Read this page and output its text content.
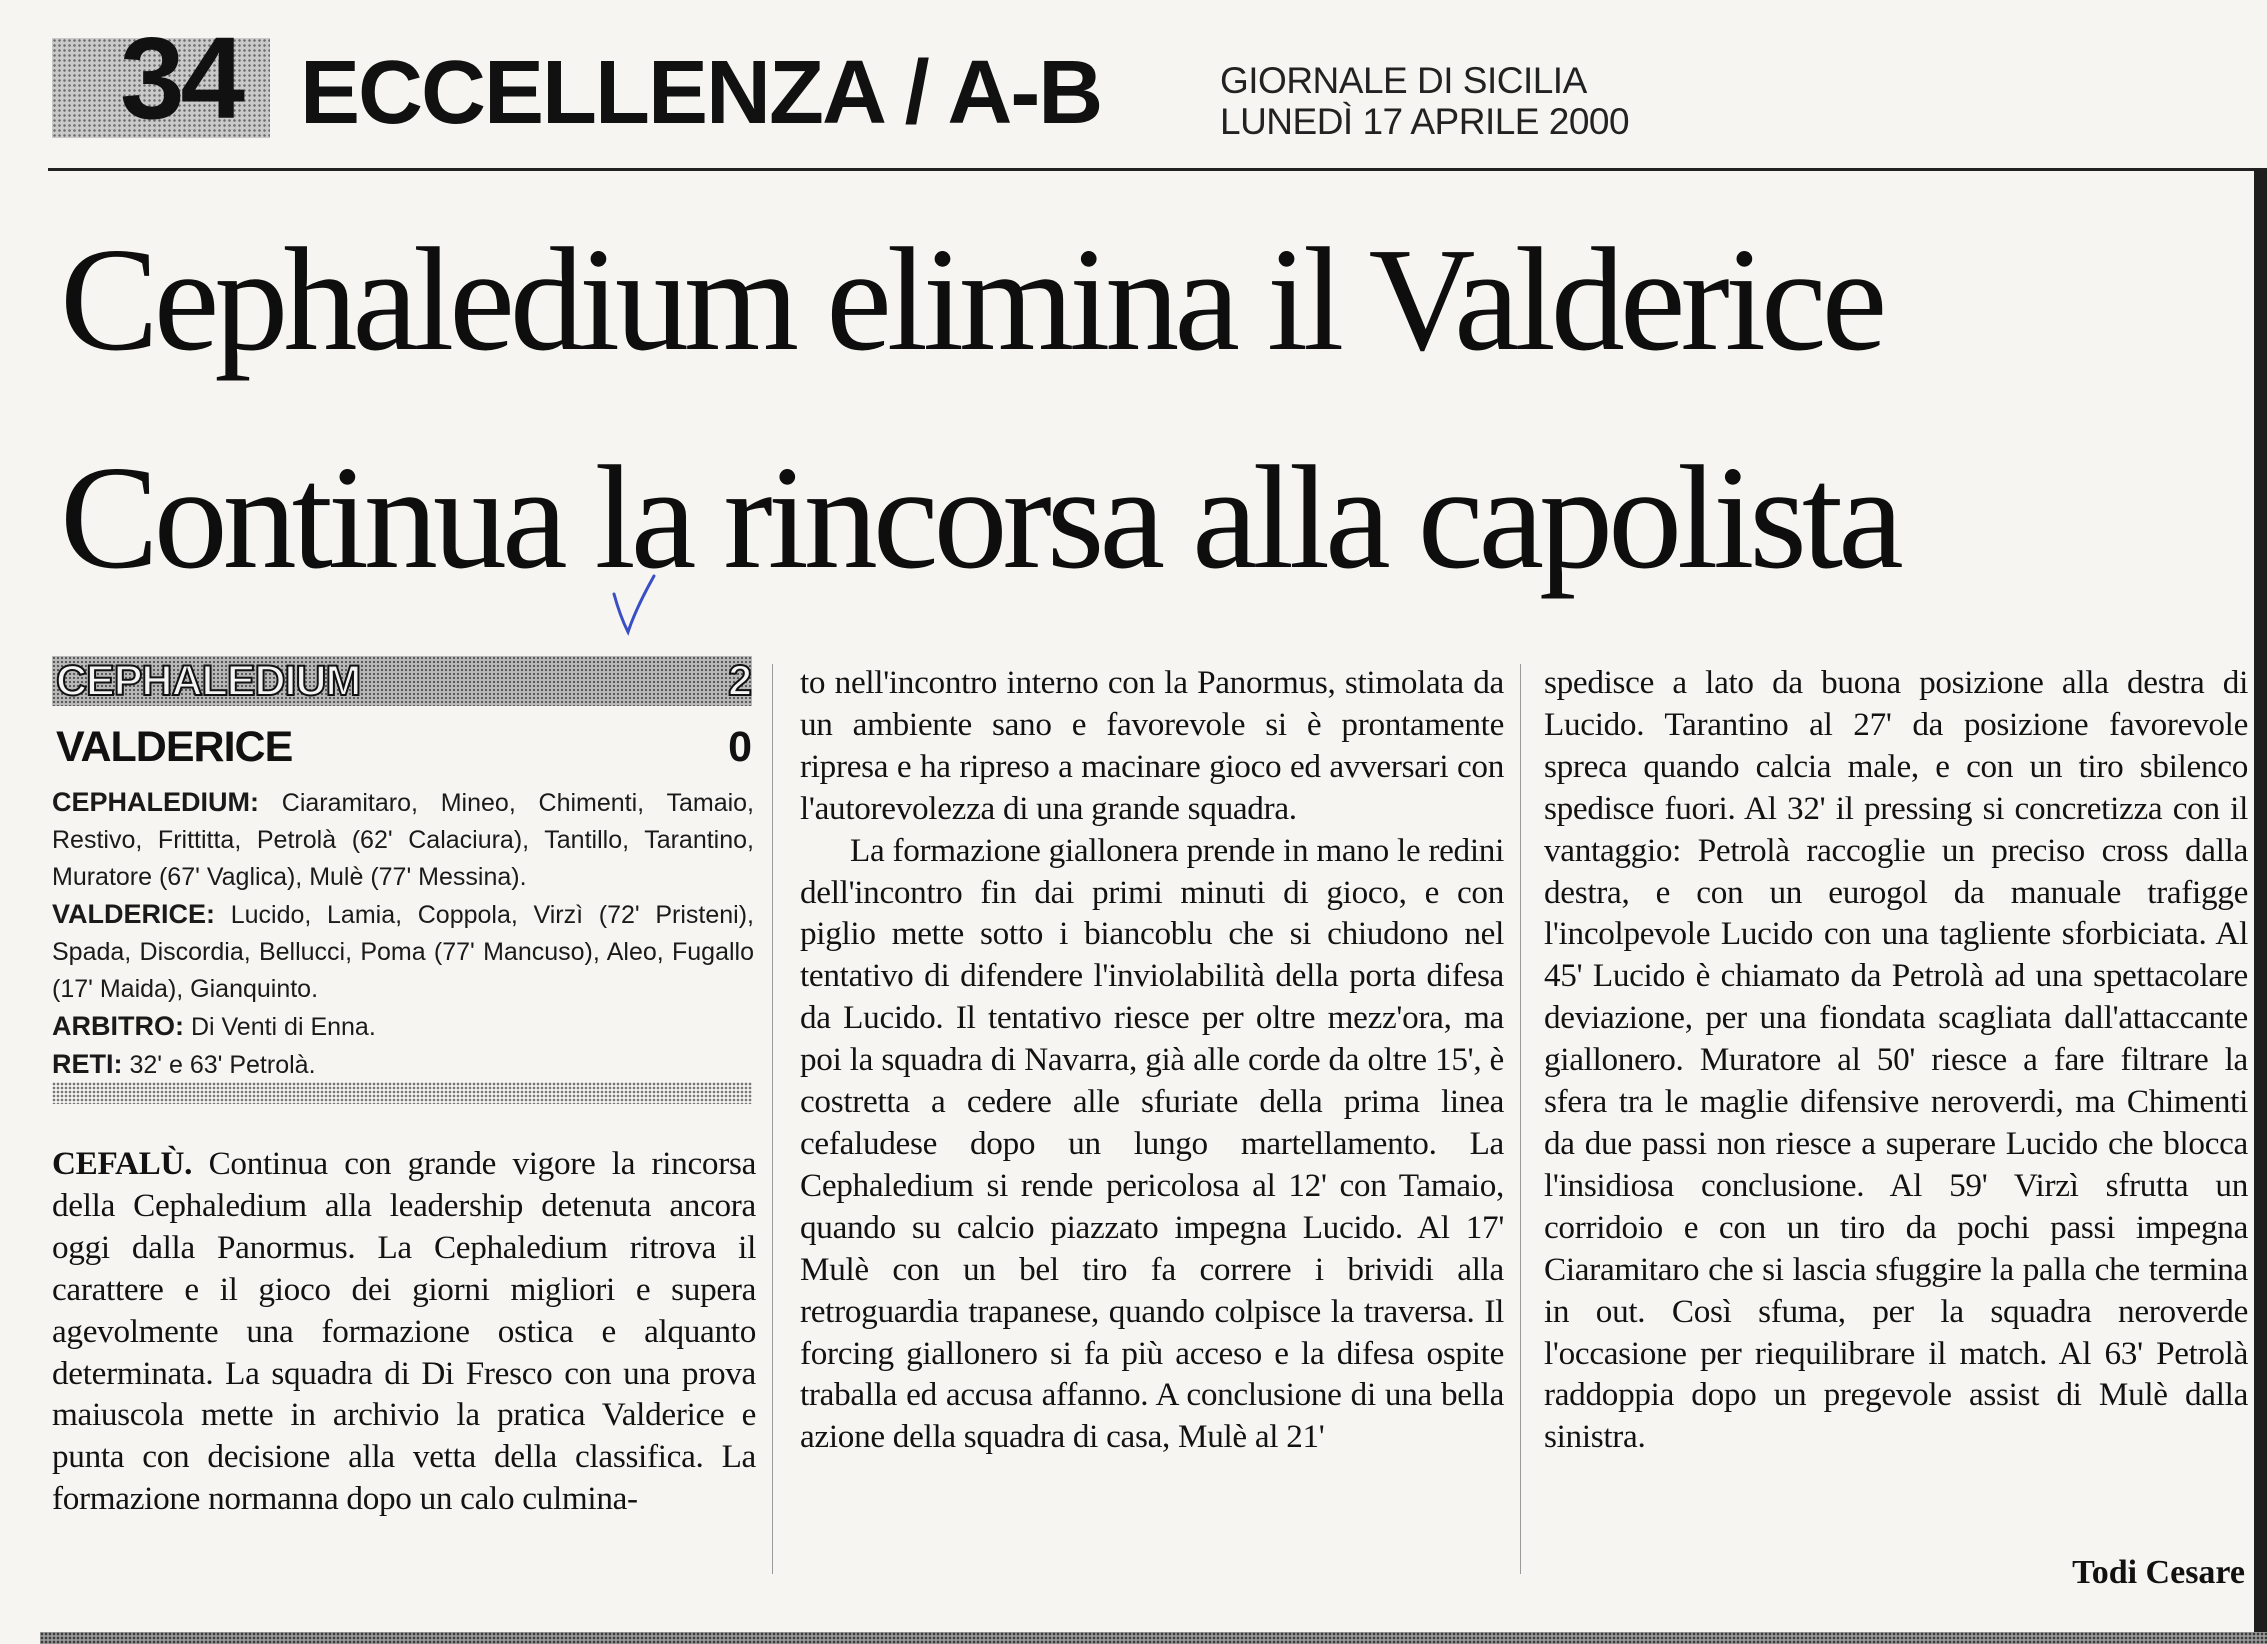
34 ECCELLENZA / A-B	GIORNALE DI SICILIA
LUNEDÌ 17 APRILE 2000
Cephaledium elimina il Valderice
Continua la rincorsa alla capolista
CEPHALEDIUM	2
VALDERICE	0

CEPHALEDIUM: Ciaramitaro, Mineo, Chimenti, Tamaio, Restivo, Frittitta, Petrolà (62' Calaciura), Tantillo, Tarantino, Muratore (67' Vaglica), Mulè (77' Messina).

VALDERICE: Lucido, Lamia, Coppola, Virzì (72' Pristeni), Spada, Discordia, Bellucci, Poma (77' Mancuso), Aleo, Fugallo (17' Maida), Gianquinto.

ARBITRO: Di Venti di Enna.

RETI: 32' e 63' Petrolà.

CEFALÙ. Continua con grande vigore la rincorsa della Cephaledium alla leadership detenuta ancora oggi dalla Panormus. La Cephaledium ritrova il carattere e il gioco dei giorni migliori e supera agevolmente una formazione ostica e alquanto determinata. La squadra di Di Fresco con una prova maiuscola mette in archivio la pratica Valderice e punta con decisione alla vetta della classifica. La formazione normanna dopo un calo culmina-

to nell'incontro interno con la Panormus, stimolata da un ambiente sano e favorevole si è prontamente ripresa e ha ripreso a macinare gioco ed avversari con l'autorevolezza di una grande squadra.

La formazione giallonera prende in mano le redini dell'incontro fin dai primi minuti di gioco, e con piglio mette sotto i biancoblu che si chiudono nel tentativo di difendere l'inviolabilità della porta difesa da Lucido. Il tentativo riesce per oltre mezz'ora, ma poi la squadra di Navarra, già alle corde da oltre 15', è costretta a cedere alle sfuriate della prima linea cefaludese dopo un lungo martellamento. La Cephaledium si rende pericolosa al 12' con Tamaio, quando su calcio piazzato impegna Lucido. Al 17' Mulè con un bel tiro fa correre i brividi alla retroguardia trapanese, quando colpisce la traversa. Il forcing giallonero si fa più acceso e la difesa ospite traballa ed accusa affanno. A conclusione di una bella azione della squadra di casa, Mulè al 21'

spedisce a lato da buona posizione alla destra di Lucido. Tarantino al 27' da posizione favorevole spreca quando calcia male, e con un tiro sbilenco spedisce fuori. Al 32' il pressing si concretizza con il vantaggio: Petrolà raccoglie un preciso cross dalla destra, e con un eurogol da manuale trafigge l'incolpevole Lucido con una tagliente sforbiciata. Al 45' Lucido è chiamato da Petrolà ad una spettacolare deviazione, per una fiondata scagliata dall'attaccante giallonero. Muratore al 50' riesce a fare filtrare la sfera tra le maglie difensive neroverdi, ma Chimenti da due passi non riesce a superare Lucido che blocca l'insidiosa conclusione. Al 59' Virzì sfrutta un corridoio e con un tiro da pochi passi impegna Ciaramitaro che si lascia sfuggire la palla che termina in out. Così sfuma, per la squadra neroverde l'occasione per riequilibrare il match. Al 63' Petrolà raddoppia dopo un pregevole assist di Mulè dalla sinistra.

Todi Cesare
